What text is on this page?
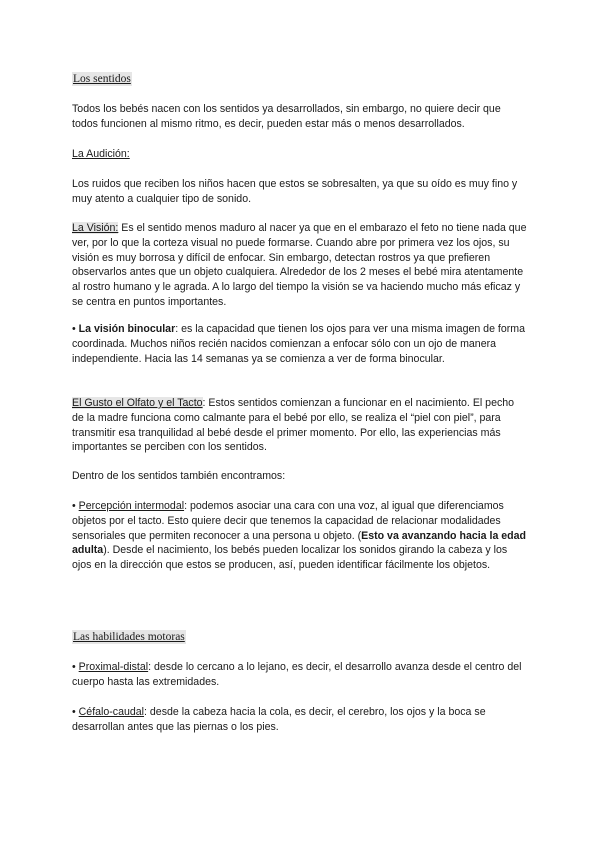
Los sentidos

Todos los bebés nacen con los sentidos ya desarrollados, sin embargo, no quiere decir que todos funcionen al mismo ritmo, es decir, pueden estar más o menos desarrollados.

La Audición:

Los ruidos que reciben los niños hacen que estos se sobresalten, ya que su oído es muy fino y muy atento a cualquier tipo de sonido.

La Visión: Es el sentido menos maduro al nacer ya que en el embarazo el feto no tiene nada que ver, por lo que la corteza visual no puede formarse. Cuando abre por primera vez los ojos, su visión es muy borrosa y difícil de enfocar. Sin embargo, detectan rostros ya que prefieren observarlos antes que un objeto cualquiera. Alrededor de los 2 meses el bebé mira atentamente al rostro humano y le agrada. A lo largo del tiempo la visión se va haciendo mucho más eficaz y se centra en puntos importantes.

• La visión binocular: es la capacidad que tienen los ojos para ver una misma imagen de forma coordinada. Muchos niños recién nacidos comienzan a enfocar sólo con un ojo de manera independiente. Hacia las 14 semanas ya se comienza a ver de forma binocular.

El Gusto el Olfato y el Tacto: Estos sentidos comienzan a funcionar en el nacimiento. El pecho de la madre funciona como calmante para el bebé por ello, se realiza el “piel con piel”, para transmitir esa tranquilidad al bebé desde el primer momento. Por ello, las experiencias más importantes se perciben con los sentidos.

Dentro de los sentidos también encontramos:

• Percepción intermodal: podemos asociar una cara con una voz, al igual que diferenciamos objetos por el tacto. Esto quiere decir que tenemos la capacidad de relacionar modalidades sensoriales que permiten reconocer a una persona u objeto. (Esto va avanzando hacia la edad adulta). Desde el nacimiento, los bebés pueden localizar los sonidos girando la cabeza y los ojos en la dirección que estos se producen, así, pueden identificar fácilmente los objetos.

Las habilidades motoras

• Proximal-distal: desde lo cercano a lo lejano, es decir, el desarrollo avanza desde el centro del cuerpo hasta las extremidades.

• Céfalo-caudal: desde la cabeza hacia la cola, es decir, el cerebro, los ojos y la boca se desarrollan antes que las piernas o los pies.
